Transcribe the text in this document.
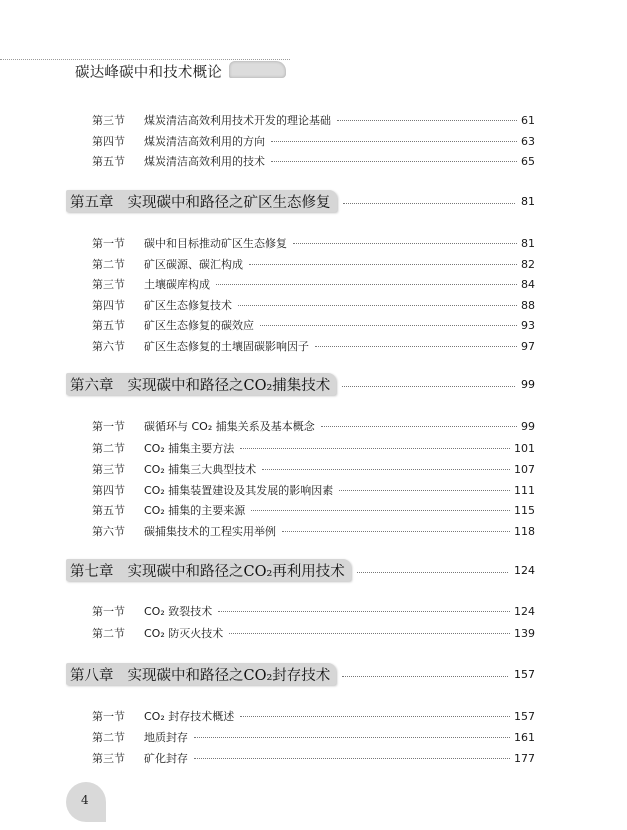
碳达峰碳中和技术概论
第三节	煤炭清洁高效利用技术开发的理论基础	61
第四节	煤炭清洁高效利用的方向	63
第五节	煤炭清洁高效利用的技术	65
第五章 实现碳中和路径之矿区生态修复	81
第一节	碳中和目标推动矿区生态修复	81
第二节	矿区碳源、碳汇构成	82
第三节	土壤碳库构成	84
第四节	矿区生态修复技术	88
第五节	矿区生态修复的碳效应	93
第六节	矿区生态修复的土壤固碳影响因子	97
第六章 实现碳中和路径之CO₂捕集技术	99
第一节	碳循环与 CO₂ 捕集关系及基本概念	99
第二节	CO₂ 捕集主要方法	101
第三节	CO₂ 捕集三大典型技术	107
第四节	CO₂ 捕集装置建设及其发展的影响因素	111
第五节	CO₂ 捕集的主要来源	115
第六节	碳捕集技术的工程实用举例	118
第七章 实现碳中和路径之CO₂再利用技术	124
第一节	CO₂ 致裂技术	124
第二节	CO₂ 防灭火技术	139
第八章 实现碳中和路径之CO₂封存技术	157
第一节	CO₂ 封存技术概述	157
第二节	地质封存	161
第三节	矿化封存	177
4
